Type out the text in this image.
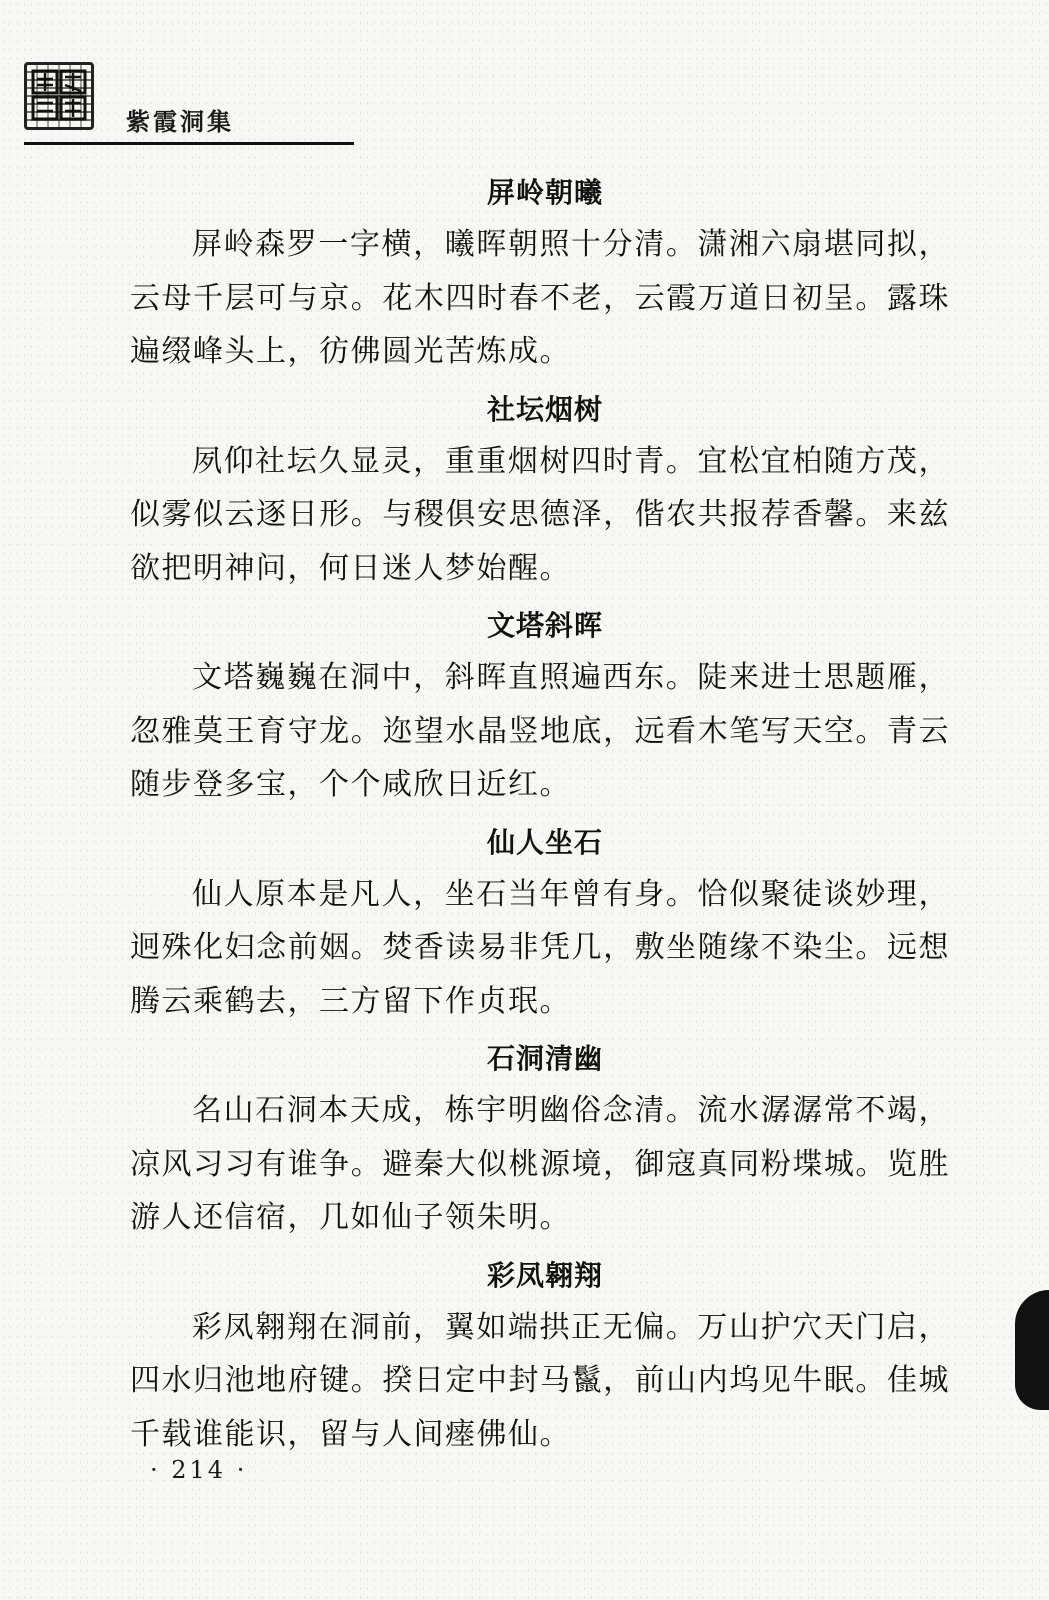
紫霞洞集
屏岭朝曦

屏岭森罗一字横，曦晖朝照十分清。潇湘六扇堪同拟，云母千层可与京。花木四时春不老，云霞万道日初呈。露珠遍缀峰头上，彷佛圆光苦炼成。

社坛烟树

夙仰社坛久显灵，重重烟树四时青。宜松宜柏随方茂，似雾似云逐日形。与稷俱安思德泽，偕农共报荐香馨。来兹欲把明神问，何日迷人梦始醒。

文塔斜晖

文塔巍巍在洞中，斜晖直照遍西东。陡来进士思题雁，忽雅莫王育守龙。迩望水晶竖地底，远看木笔写天空。青云随步登多宝，个个咸欣日近红。

仙人坐石

仙人原本是凡人，坐石当年曾有身。恰似聚徒谈妙理，迥殊化妇念前姻。焚香读易非凭几，敷坐随缘不染尘。远想腾云乘鹤去，三方留下作贞珉。

石洞清幽

名山石洞本天成，栋宇明幽俗念清。流水潺潺常不竭，凉风习习有谁争。避秦大似桃源境，御寇真同粉堞城。览胜游人还信宿，几如仙子领朱明。

彩凤翱翔

彩凤翱翔在洞前，翼如端拱正无偏。万山护穴天门启，四水归池地府键。揆日定中封马鬣，前山内坞见牛眠。佳城千载谁能识，留与人间瘗佛仙。

· 214 ·
